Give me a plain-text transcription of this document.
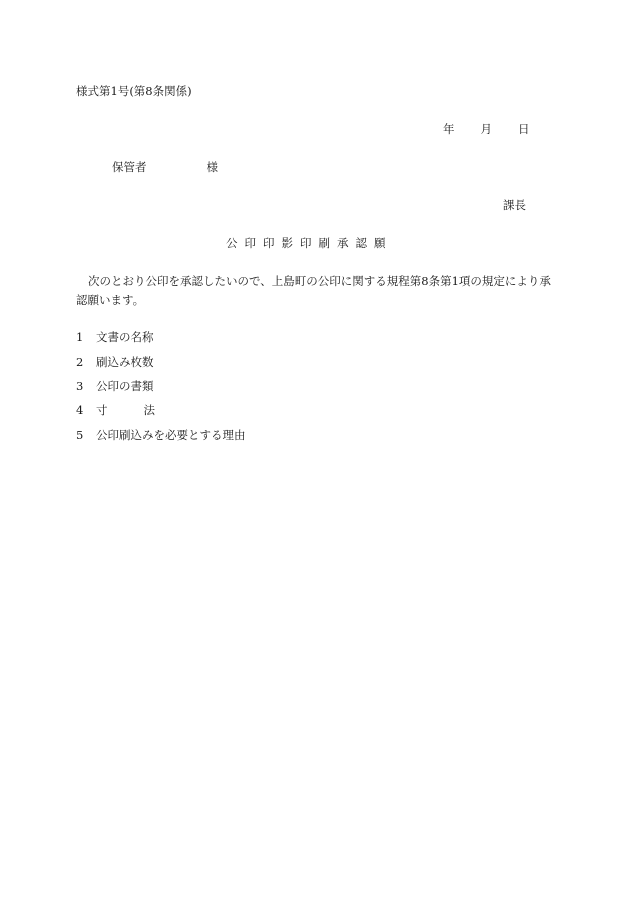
様式第1号(第8条関係)
年 月 日
保管者	様
課長
公印印影印刷承認願
次のとおり公印を承認したいので、上島町の公印に関する規程第8条第1項の規定により承認願います。
1 文書の名称
2 刷込み枚数
3 公印の書類
4 寸法
5 公印刷込みを必要とする理由
